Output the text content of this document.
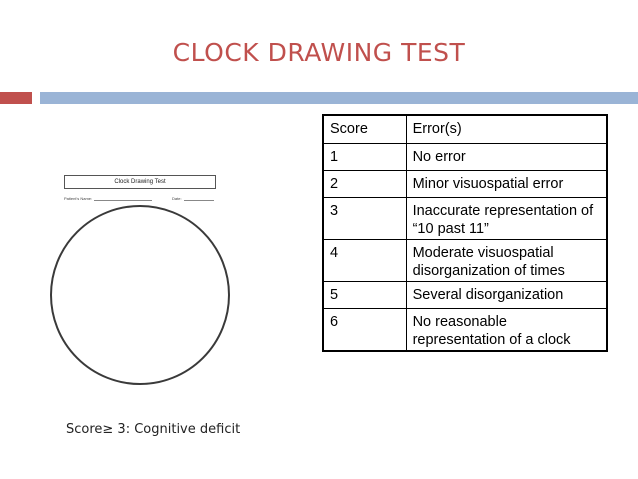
CLOCK DRAWING TEST
Clock Drawing Test
Patient's Name:	Date:
Score≥ 3: Cognitive deficit
Score	Error(s)
1	No error
2	Minor visuospatial error
3	Inaccurate representation of “10 past 11”
4	Moderate visuospatial disorganization of times
5	Several disorganization
6	No reasonable representation of a clock
